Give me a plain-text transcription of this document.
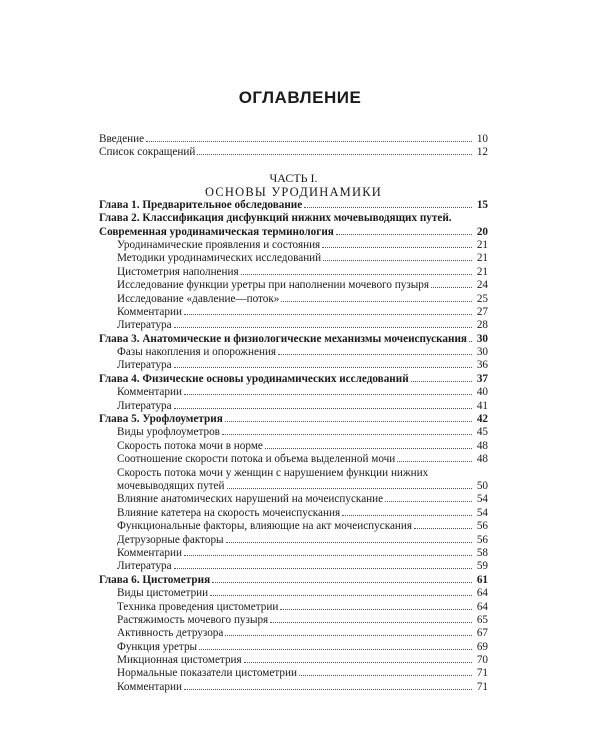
ОГЛАВЛЕНИЕ
Введение	10
Список сокращений	12
ЧАСТЬ I.
ОСНОВЫ УРОДИНАМИКИ
Глава 1. Предварительное обследование	15
Глава 2. Классификация дисфункций нижних мочевыводящих путей.
Современная уродинамическая терминология	20
Уродинамические проявления и состояния	21
Методики уродинамических исследований	21
Цистометрия наполнения	21
Исследование функции уретры при наполнении мочевого пузыря	24
Исследование «давление—поток»	25
Комментарии	27
Литература	28
Глава 3. Анатомические и физиологические механизмы мочеиспускания 30
Фазы накопления и опорожнения	30
Литература	36
Глава 4. Физические основы уродинамических исследований	37
Комментарии	40
Литература	41
Глава 5. Урофлоуметрия	42
Виды урофлоуметров	45
Скорость потока мочи в норме	48
Соотношение скорости потока и объема выделенной мочи	48
Скорость потока мочи у женщин с нарушением функции нижних
мочевыводящих путей	50
Влияние анатомических нарушений на мочеиспускание	54
Влияние катетера на скорость мочеиспускания	54
Функциональные факторы, влияющие на акт мочеиспускания	56
Детрузорные факторы	56
Комментарии	58
Литература	59
Глава 6. Цистометрия	61
Виды цистометрии	64
Техника проведения цистометрии	64
Растяжимость мочевого пузыря	65
Активность детрузора	67
Функция уретры	69
Микционная цистометрия	70
Нормальные показатели цистометрии	71
Комментарии	71
